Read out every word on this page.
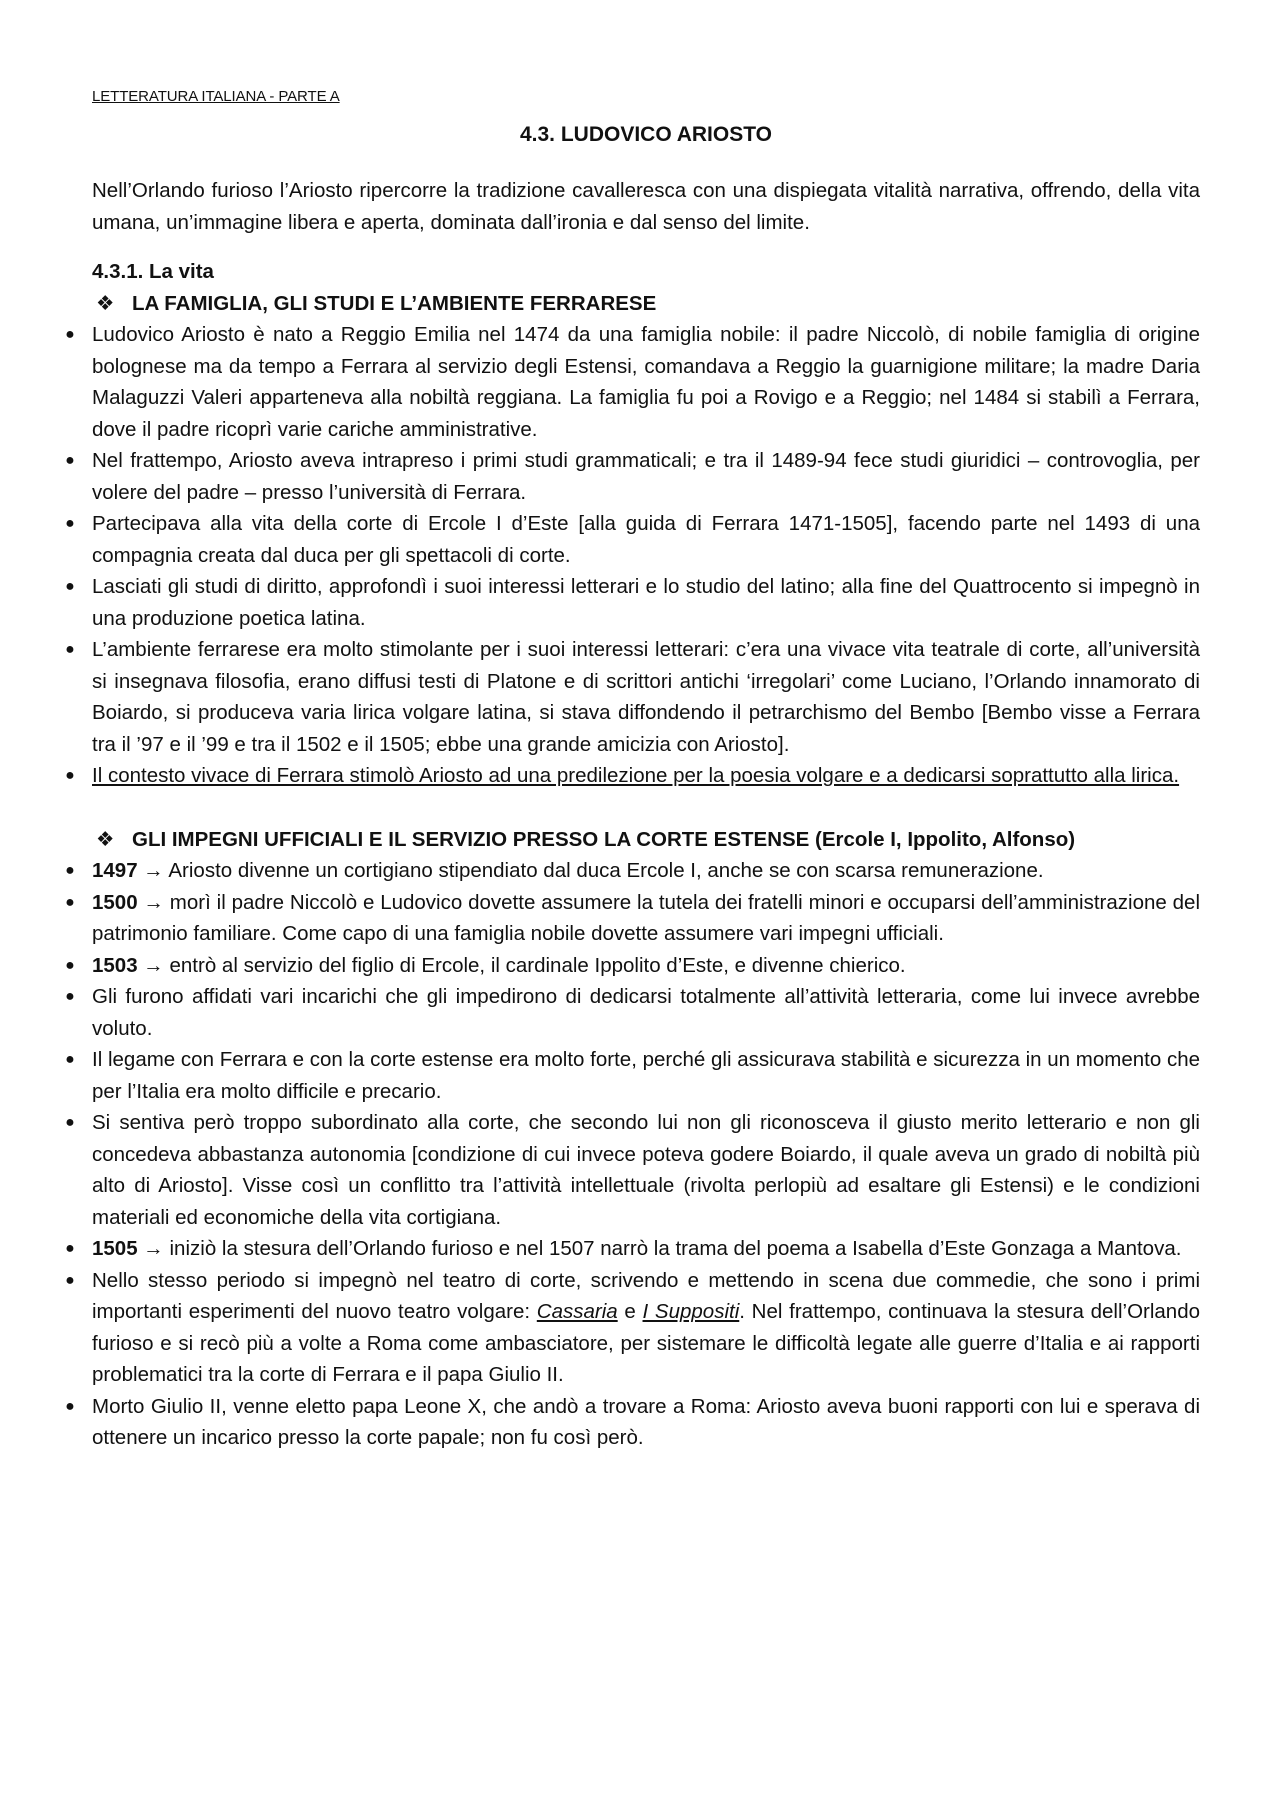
LETTERATURA ITALIANA - PARTE A
4.3. LUDOVICO ARIOSTO

Nell’Orlando furioso l’Ariosto ripercorre la tradizione cavalleresca con una dispiegata vitalità narrativa, offrendo, della vita umana, un’immagine libera e aperta, dominata dall’ironia e dal senso del limite.

4.3.1. La vita
❖ LA FAMIGLIA, GLI STUDI E L’AMBIENTE FERRARESE
● Ludovico Ariosto è nato a Reggio Emilia nel 1474 da una famiglia nobile: il padre Niccolò, di nobile famiglia di origine bolognese ma da tempo a Ferrara al servizio degli Estensi, comandava a Reggio la guarnigione militare; la madre Daria Malaguzzi Valeri apparteneva alla nobiltà reggiana. La famiglia fu poi a Rovigo e a Reggio; nel 1484 si stabilì a Ferrara, dove il padre ricoprì varie cariche amministrative.
● Nel frattempo, Ariosto aveva intrapreso i primi studi grammaticali; e tra il 1489-94 fece studi giuridici – controvoglia, per volere del padre – presso l’università di Ferrara.
● Partecipava alla vita della corte di Ercole I d’Este [alla guida di Ferrara 1471-1505], facendo parte nel 1493 di una compagnia creata dal duca per gli spettacoli di corte.
● Lasciati gli studi di diritto, approfondì i suoi interessi letterari e lo studio del latino; alla fine del Quattrocento si impegnò in una produzione poetica latina.
● L’ambiente ferrarese era molto stimolante per i suoi interessi letterari: c’era una vivace vita teatrale di corte, all’università si insegnava filosofia, erano diffusi testi di Platone e di scrittori antichi ‘irregolari’ come Luciano, l’Orlando innamorato di Boiardo, si produceva varia lirica volgare latina, si stava diffondendo il petrarchismo del Bembo [Bembo visse a Ferrara tra il ’97 e il ’99 e tra il 1502 e il 1505; ebbe una grande amicizia con Ariosto].
● Il contesto vivace di Ferrara stimolò Ariosto ad una predilezione per la poesia volgare e a dedicarsi soprattutto alla lirica.
❖ GLI IMPEGNI UFFICIALI E IL SERVIZIO PRESSO LA CORTE ESTENSE (Ercole I, Ippolito, Alfonso)
● 1497 → Ariosto divenne un cortigiano stipendiato dal duca Ercole I, anche se con scarsa remunerazione.
● 1500 → morì il padre Niccolò e Ludovico dovette assumere la tutela dei fratelli minori e occuparsi dell’amministrazione del patrimonio familiare. Come capo di una famiglia nobile dovette assumere vari impegni ufficiali.
● 1503 → entrò al servizio del figlio di Ercole, il cardinale Ippolito d’Este, e divenne chierico.
● Gli furono affidati vari incarichi che gli impedirono di dedicarsi totalmente all’attività letteraria, come lui invece avrebbe voluto.
● Il legame con Ferrara e con la corte estense era molto forte, perché gli assicurava stabilità e sicurezza in un momento che per l’Italia era molto difficile e precario.
● Si sentiva però troppo subordinato alla corte, che secondo lui non gli riconosceva il giusto merito letterario e non gli concedeva abbastanza autonomia [condizione di cui invece poteva godere Boiardo, il quale aveva un grado di nobiltà più alto di Ariosto]. Visse così un conflitto tra l’attività intellettuale (rivolta perlopiù ad esaltare gli Estensi) e le condizioni materiali ed economiche della vita cortigiana.
● 1505 → iniziò la stesura dell’Orlando furioso e nel 1507 narrò la trama del poema a Isabella d’Este Gonzaga a Mantova.
● Nello stesso periodo si impegnò nel teatro di corte, scrivendo e mettendo in scena due commedie, che sono i primi importanti esperimenti del nuovo teatro volgare: Cassaria e I Suppositi. Nel frattempo, continuava la stesura dell’Orlando furioso e si recò più a volte a Roma come ambasciatore, per sistemare le difficoltà legate alle guerre d’Italia e ai rapporti problematici tra la corte di Ferrara e il papa Giulio II.
● Morto Giulio II, venne eletto papa Leone X, che andò a trovare a Roma: Ariosto aveva buoni rapporti con lui e sperava di ottenere un incarico presso la corte papale; non fu così però.
